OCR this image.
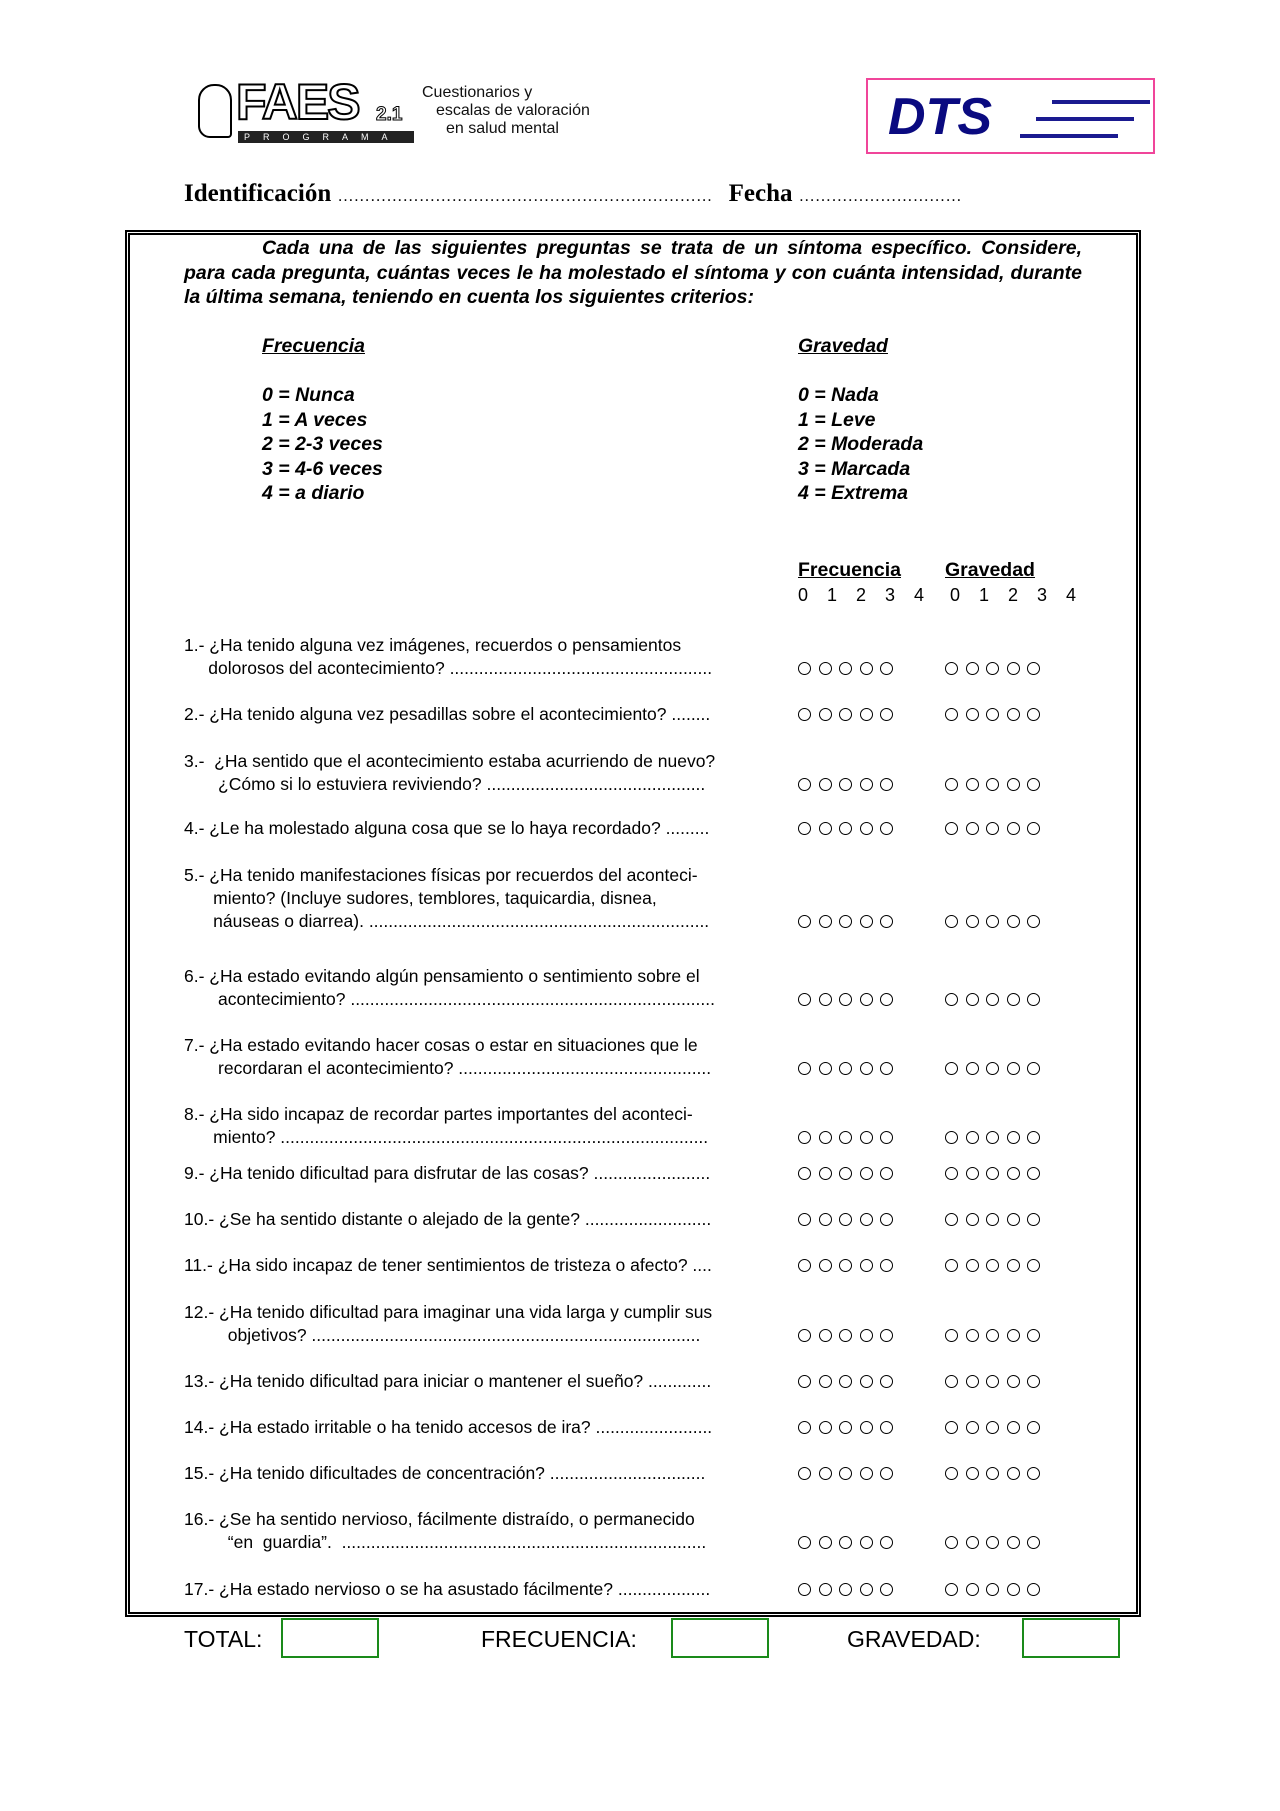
FAES 2.1
PROGRAMA
Cuestionarios y
escalas de valoración
en salud mental	DTS
Identificación …………………………………………………………… Fecha …………………………
Cada una de las siguientes preguntas se trata de un síntoma específico. Considere, para cada pregunta, cuántas veces le ha molestado el síntoma y con cuánta intensidad, durante la última semana, teniendo en cuenta los siguientes criterios:
Frecuencia
0 = Nunca
1 = A veces
2 = 2-3 veces
3 = 4-6 veces
4 = a diario
Gravedad
0 = Nada
1 = Leve
2 = Moderada
3 = Marcada
4 = Extrema
Frecuencia Gravedad
0 1 2 3 4 0 1 2 3 4
1.- ¿Ha tenido alguna vez imágenes, recuerdos o pensamientos
dolorosos del acontecimiento? ......................................................
2.- ¿Ha tenido alguna vez pesadillas sobre el acontecimiento? ........
3.-  ¿Ha sentido que el acontecimiento estaba acurriendo de nuevo?
¿Cómo si lo estuviera reviviendo? .............................................
4.- ¿Le ha molestado alguna cosa que se lo haya recordado? .........
5.- ¿Ha tenido manifestaciones físicas por recuerdos del aconteci-
miento? (Incluye sudores, temblores, taquicardia, disnea,
náuseas o diarrea). ......................................................................
6.- ¿Ha estado evitando algún pensamiento o sentimiento sobre el
acontecimiento? ...........................................................................
7.- ¿Ha estado evitando hacer cosas o estar en situaciones que le
recordaran el acontecimiento? ....................................................
8.- ¿Ha sido incapaz de recordar partes importantes del aconteci-
miento? ........................................................................................
9.- ¿Ha tenido dificultad para disfrutar de las cosas? ........................
10.- ¿Se ha sentido distante o alejado de la gente? ..........................
11.- ¿Ha sido incapaz de tener sentimientos de tristeza o afecto? ....
12.- ¿Ha tenido dificultad para imaginar una vida larga y cumplir sus
objetivos? ................................................................................
13.- ¿Ha tenido dificultad para iniciar o mantener el sueño? .............
14.- ¿Ha estado irritable o ha tenido accesos de ira? ........................
15.- ¿Ha tenido dificultades de concentración? ................................
16.- ¿Se ha sentido nervioso, fácilmente distraído, o permanecido
“en  guardia”.  ...........................................................................
17.- ¿Ha estado nervioso o se ha asustado fácilmente? ...................
TOTAL:	FRECUENCIA:	GRAVEDAD:
